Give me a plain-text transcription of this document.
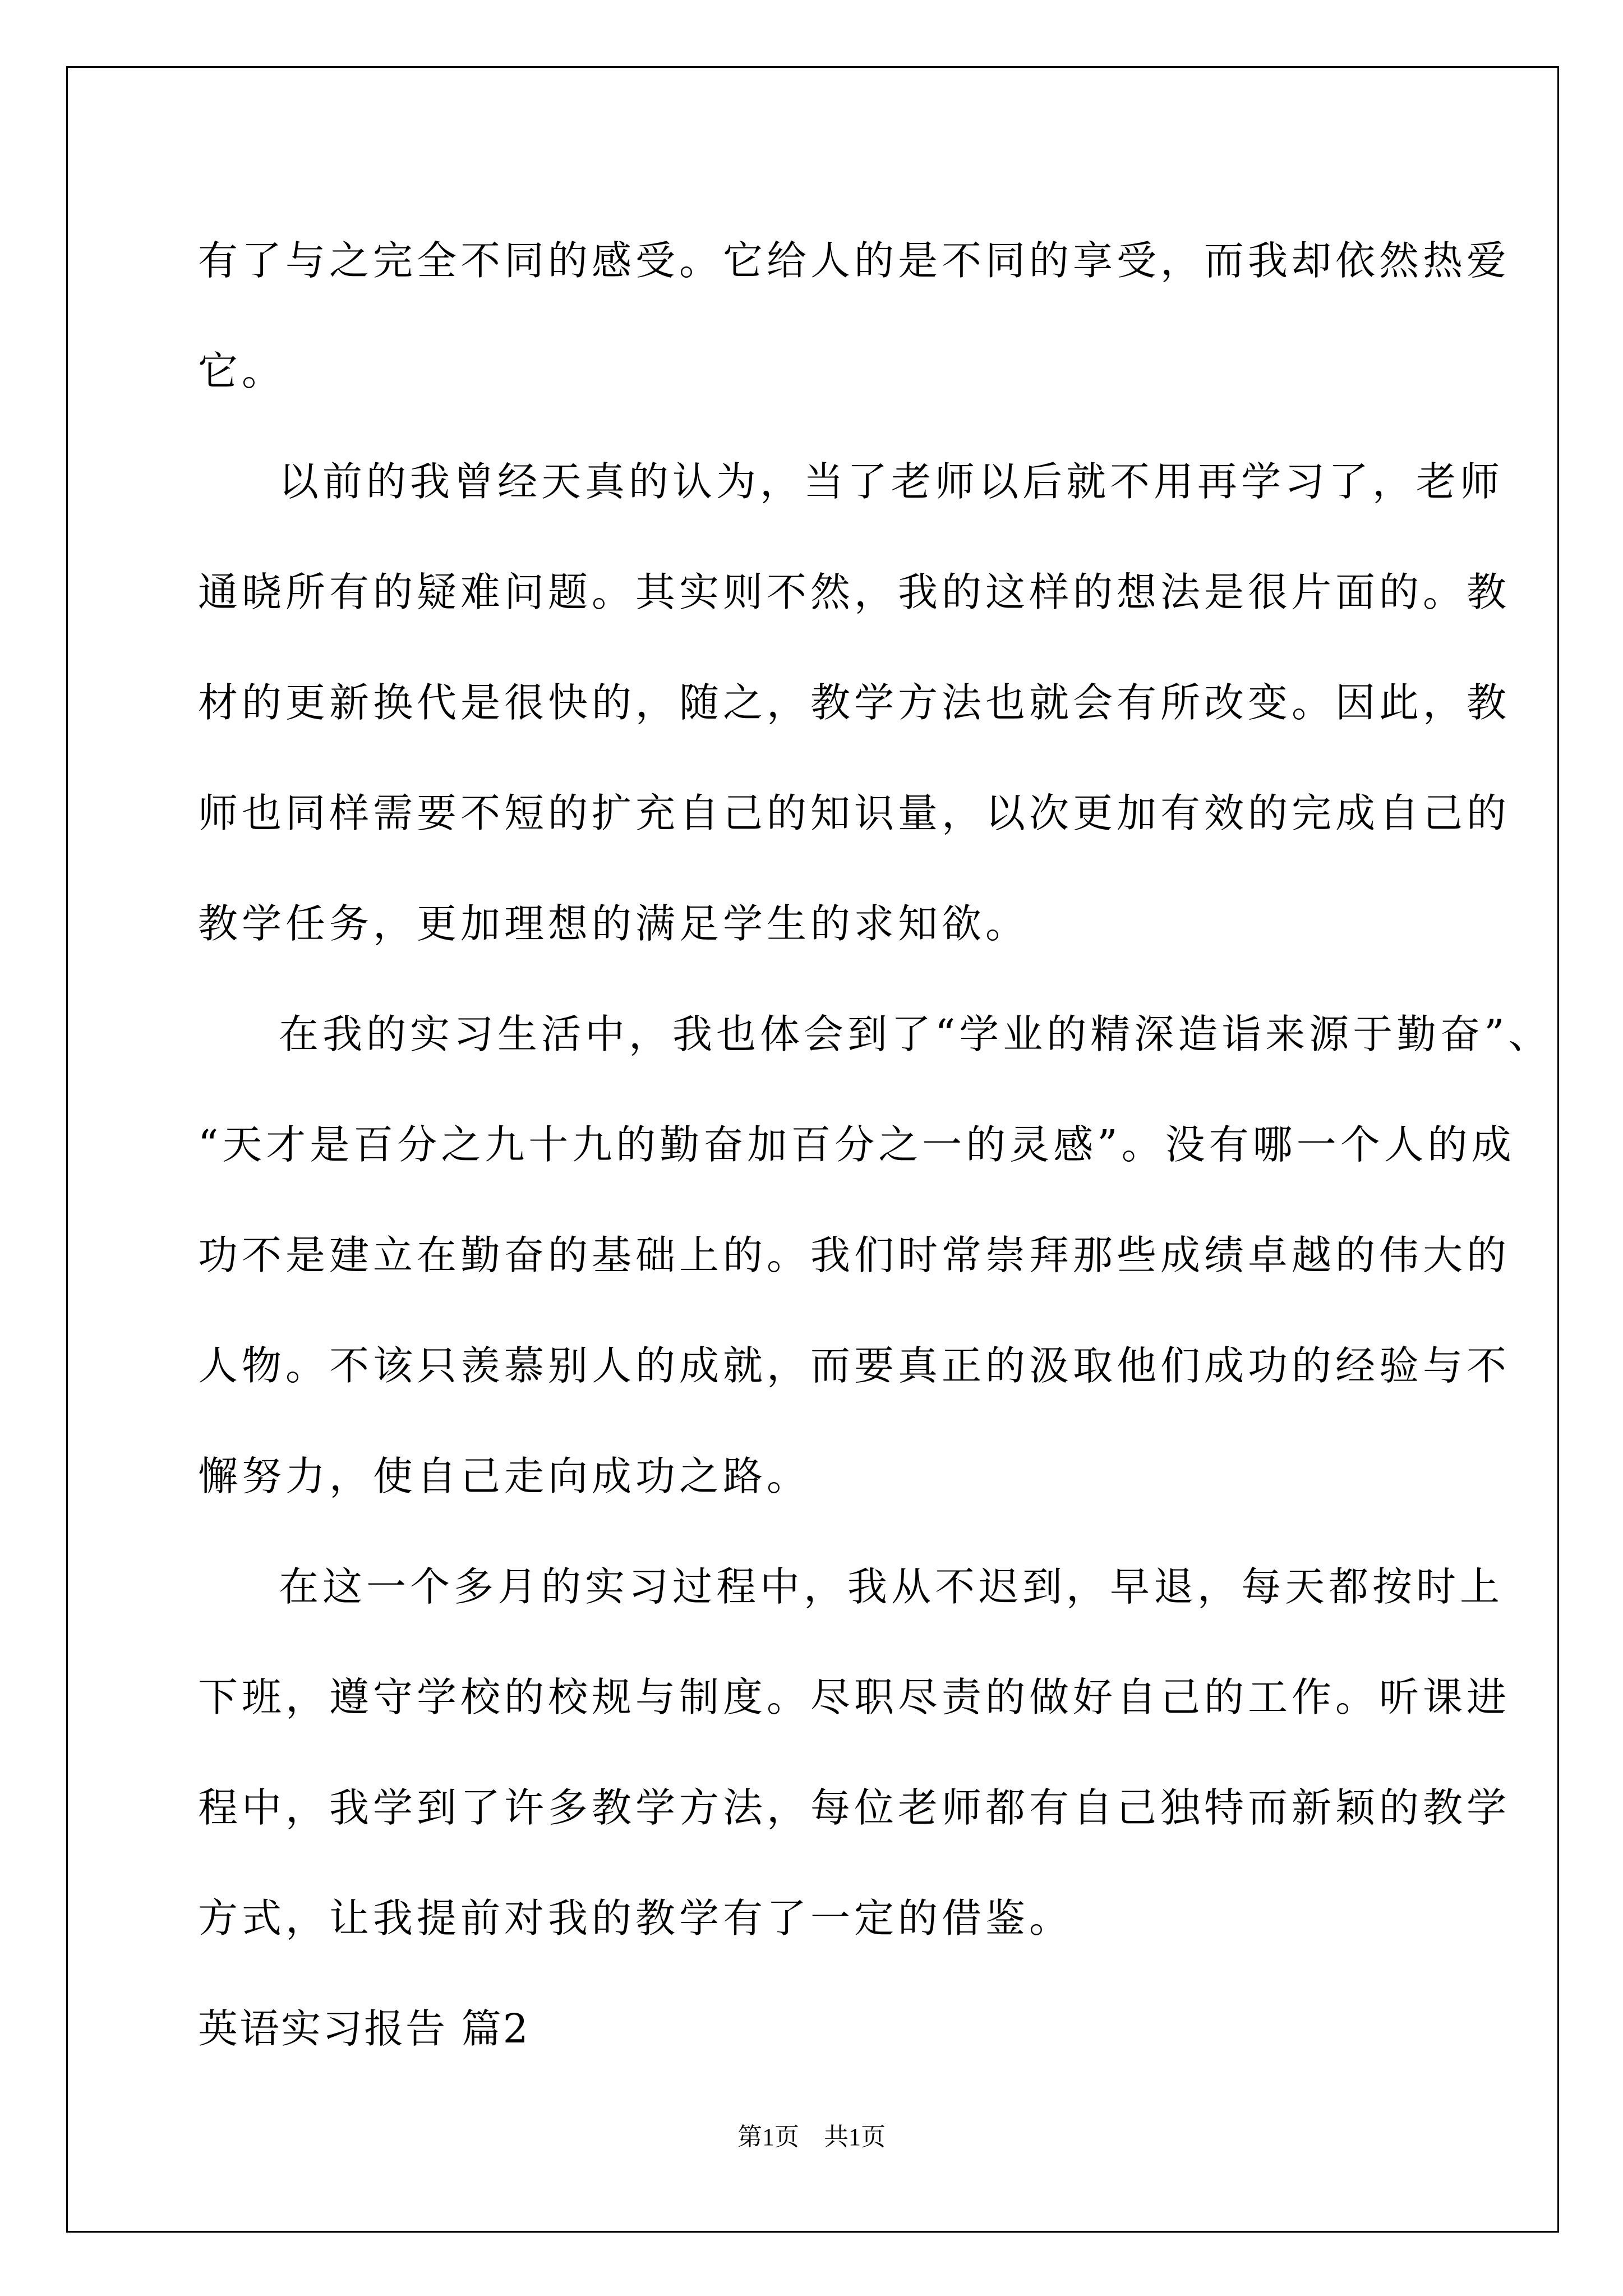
有了与之完全不同的感受。它给人的是不同的享受，而我却依然热爱
它。
以前的我曾经天真的认为，当了老师以后就不用再学习了，老师
通晓所有的疑难问题。其实则不然，我的这样的想法是很片面的。教
材的更新换代是很快的，随之，教学方法也就会有所改变。因此，教
师也同样需要不短的扩充自己的知识量，以次更加有效的完成自己的
教学任务，更加理想的满足学生的求知欲。
在我的实习生活中，我也体会到了“学业的精深造诣来源于勤奋”、
“天才是百分之九十九的勤奋加百分之一的灵感”。没有哪一个人的成
功不是建立在勤奋的基础上的。我们时常崇拜那些成绩卓越的伟大的
人物。不该只羡慕别人的成就，而要真正的汲取他们成功的经验与不
懈努力，使自己走向成功之路。
在这一个多月的实习过程中，我从不迟到，早退，每天都按时上
下班，遵守学校的校规与制度。尽职尽责的做好自己的工作。听课进
程中，我学到了许多教学方法，每位老师都有自己独特而新颖的教学
方式，让我提前对我的教学有了一定的借鉴。
英语实习报告 篇2
第1页　共1页
